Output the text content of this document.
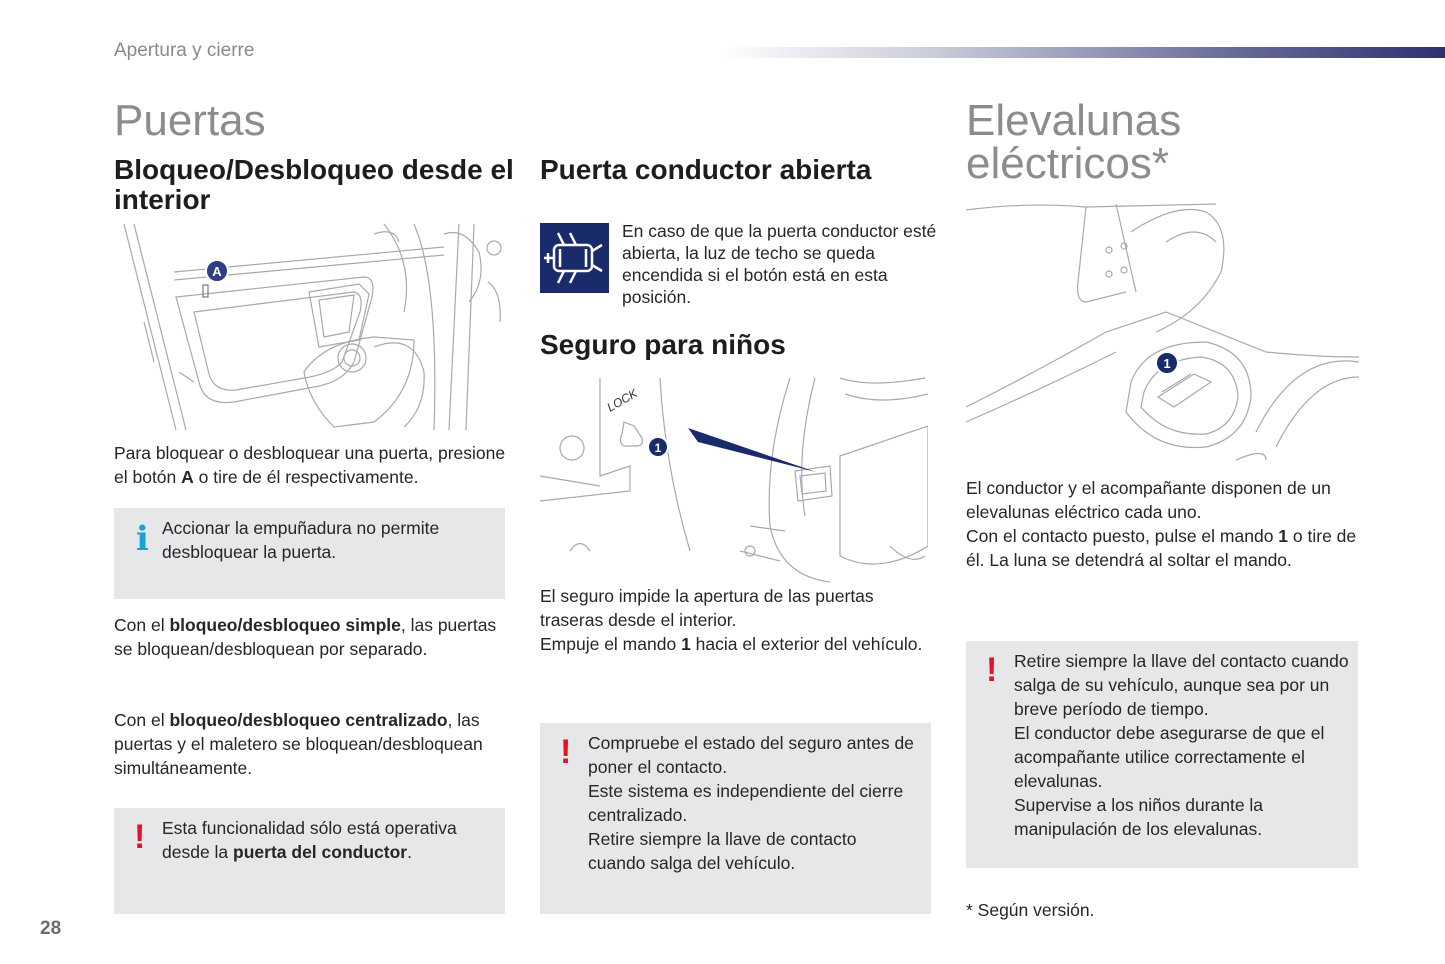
Apertura y cierre
Puertas
Bloqueo/Desbloqueo desde el interior
A
Para bloquear o desbloquear una puerta, presione el botón A o tire de él respectivamente.
i Accionar la empuñadura no permite desbloquear la puerta.
Con el bloqueo/desbloqueo simple, las puertas se bloquean/desbloquean por separado.
Con el bloqueo/desbloqueo centralizado, las puertas y el maletero se bloquean/desbloquean simultáneamente.
! Esta funcionalidad sólo está operativa desde la puerta del conductor.
Puerta conductor abierta
En caso de que la puerta conductor esté abierta, la luz de techo se queda encendida si el botón está en esta posición.
Seguro para niños
LOCK
1
El seguro impide la apertura de las puertas traseras desde el interior.
Empuje el mando 1 hacia el exterior del vehículo.
! Compruebe el estado del seguro antes de poner el contacto.
Este sistema es independiente del cierre centralizado.
Retire siempre la llave de contacto cuando salga del vehículo.
Elevalunas
eléctricos*
1
El conductor y el acompañante disponen de un elevalunas eléctrico cada uno.
Con el contacto puesto, pulse el mando 1 o tire de él. La luna se detendrá al soltar el mando.
! Retire siempre la llave del contacto cuando salga de su vehículo, aunque sea por un breve período de tiempo.
El conductor debe asegurarse de que el acompañante utilice correctamente el elevalunas.
Supervise a los niños durante la manipulación de los elevalunas.
* Según versión.
28
